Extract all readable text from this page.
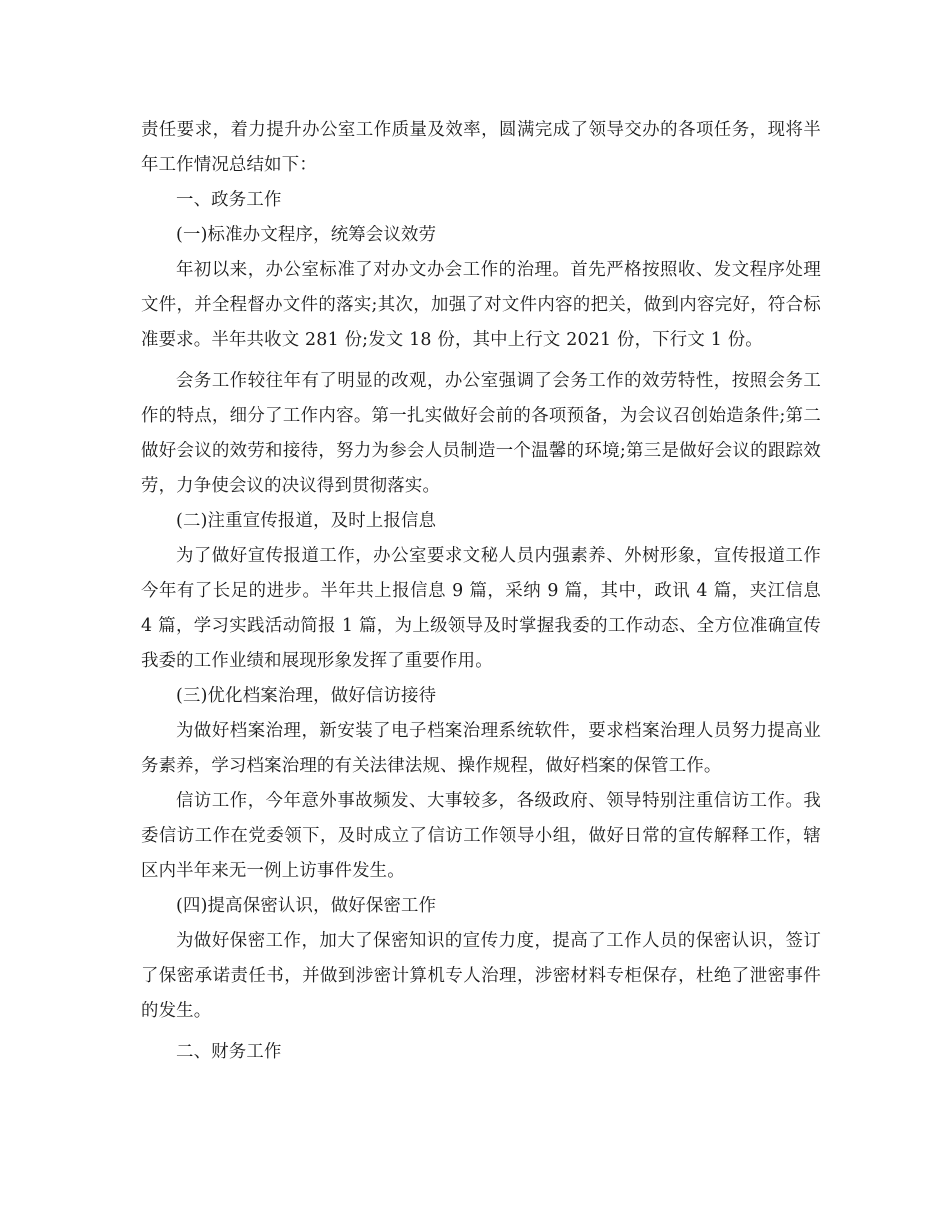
责任要求，着力提升办公室工作质量及效率，圆满完成了领导交办的各项任务，现将半年工作情况总结如下：

一、政务工作

(一)标准办文程序，统筹会议效劳

年初以来，办公室标准了对办文办会工作的治理。首先严格按照收、发文程序处理文件，并全程督办文件的落实;其次，加强了对文件内容的把关，做到内容完好，符合标准要求。半年共收文 281 份;发文 18 份，其中上行文 2021 份，下行文 1 份。

会务工作较往年有了明显的改观，办公室强调了会务工作的效劳特性，按照会务工作的特点，细分了工作内容。第一扎实做好会前的各项预备，为会议召创始造条件;第二做好会议的效劳和接待，努力为参会人员制造一个温馨的环境;第三是做好会议的跟踪效劳，力争使会议的决议得到贯彻落实。

(二)注重宣传报道，及时上报信息

为了做好宣传报道工作，办公室要求文秘人员内强素养、外树形象，宣传报道工作今年有了长足的进步。半年共上报信息 9 篇，采纳 9 篇，其中，政讯 4 篇，夹江信息 4 篇，学习实践活动简报 1 篇，为上级领导及时掌握我委的工作动态、全方位准确宣传我委的工作业绩和展现形象发挥了重要作用。

(三)优化档案治理，做好信访接待

为做好档案治理，新安装了电子档案治理系统软件，要求档案治理人员努力提高业务素养，学习档案治理的有关法律法规、操作规程，做好档案的保管工作。

信访工作，今年意外事故频发、大事较多，各级政府、领导特别注重信访工作。我委信访工作在党委领下，及时成立了信访工作领导小组，做好日常的宣传解释工作，辖区内半年来无一例上访事件发生。

(四)提高保密认识，做好保密工作

为做好保密工作，加大了保密知识的宣传力度，提高了工作人员的保密认识，签订了保密承诺责任书，并做到涉密计算机专人治理，涉密材料专柜保存，杜绝了泄密事件的发生。

二、财务工作
